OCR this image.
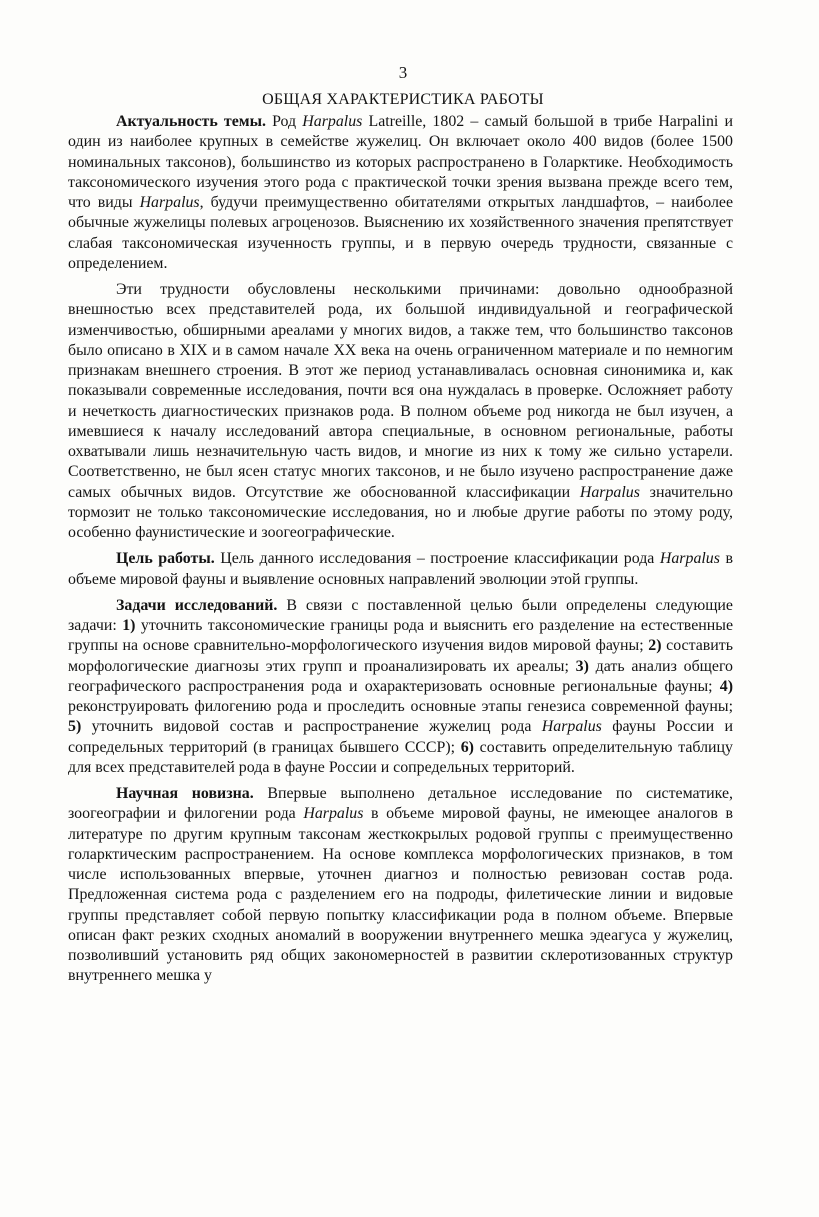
3
ОБЩАЯ ХАРАКТЕРИСТИКА РАБОТЫ

Актуальность темы. Род Harpalus Latreille, 1802 – самый большой в трибе Harpalini и один из наиболее крупных в семействе жужелиц. Он включает около 400 видов (более 1500 номинальных таксонов), большинство из которых распространено в Голарктике. Необходимость таксономического изучения этого рода с практической точки зрения вызвана прежде всего тем, что виды Harpalus, будучи преимущественно обитателями открытых ландшафтов, – наиболее обычные жужелицы полевых агроценозов. Выяснению их хозяйственного значения препятствует слабая таксономическая изученность группы, и в первую очередь трудности, связанные с определением.

Эти трудности обусловлены несколькими причинами: довольно однообразной внешностью всех представителей рода, их большой индивидуальной и географической изменчивостью, обширными ареалами у многих видов, а также тем, что большинство таксонов было описано в XIX и в самом начале XX века на очень ограниченном материале и по немногим признакам внешнего строения. В этот же период устанавливалась основная синонимика и, как показывали современные исследования, почти вся она нуждалась в проверке. Осложняет работу и нечеткость диагностических признаков рода. В полном объеме род никогда не был изучен, а имевшиеся к началу исследований автора специальные, в основном региональные, работы охватывали лишь незначительную часть видов, и многие из них к тому же сильно устарели. Соответственно, не был ясен статус многих таксонов, и не было изучено распространение даже самых обычных видов. Отсутствие же обоснованной классификации Harpalus значительно тормозит не только таксономические исследования, но и любые другие работы по этому роду, особенно фаунистические и зоогеографические.

Цель работы. Цель данного исследования – построение классификации рода Harpalus в объеме мировой фауны и выявление основных направлений эволюции этой группы.

Задачи исследований. В связи с поставленной целью были определены следующие задачи: 1) уточнить таксономические границы рода и выяснить его разделение на естественные группы на основе сравнительно-морфологического изучения видов мировой фауны; 2) составить морфологические диагнозы этих групп и проанализировать их ареалы; 3) дать анализ общего географического распространения рода и охарактеризовать основные региональные фауны; 4) реконструировать филогению рода и проследить основные этапы генезиса современной фауны; 5) уточнить видовой состав и распространение жужелиц рода Harpalus фауны России и сопредельных территорий (в границах бывшего СССР); 6) составить определительную таблицу для всех представителей рода в фауне России и сопредельных территорий.

Научная новизна. Впервые выполнено детальное исследование по систематике, зоогеографии и филогении рода Harpalus в объеме мировой фауны, не имеющее аналогов в литературе по другим крупным таксонам жесткокрылых родовой группы с преимущественно голарктическим распространением. На основе комплекса морфологических признаков, в том числе использованных впервые, уточнен диагноз и полностью ревизован состав рода. Предложенная система рода с разделением его на подроды, филетические линии и видовые группы представляет собой первую попытку классификации рода в полном объеме. Впервые описан факт резких сходных аномалий в вооружении внутреннего мешка эдеагуса у жужелиц, позволивший установить ряд общих закономерностей в развитии склеротизованных структур внутреннего мешка у
